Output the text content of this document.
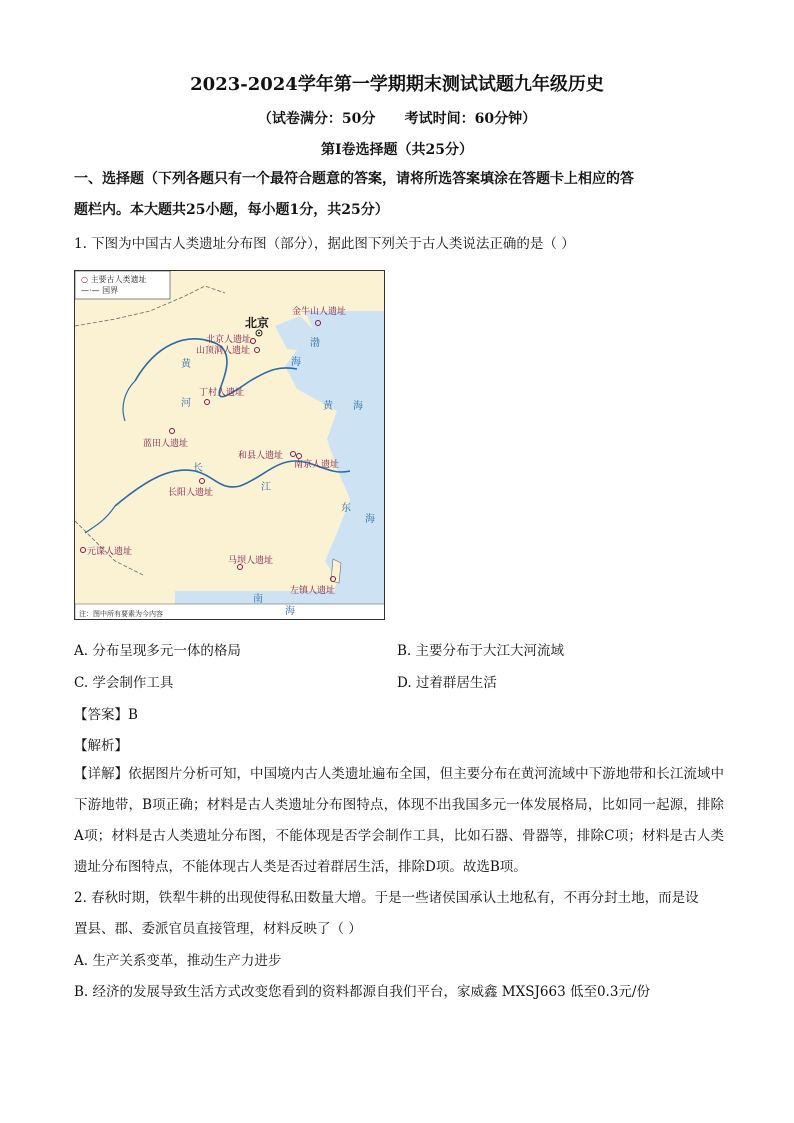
2023-2024学年第一学期期末测试试题九年级历史
（试卷满分：50分      考试时间：60分钟）
第Ⅰ卷选择题（共25分）
一、选择题（下列各题只有一个最符合题意的答案，请将所选答案填涂在答题卡上相应的答
题栏内。本大题共25小题，每小题1分，共25分）
1. 下图为中国古人类遗址分布图（部分），据此图下列关于古人类说法正确的是（ ）
○ 主要古人类遗址
—·— 国界
北京
金牛山人遗址
北京人遗址
山顶洞人遗址
丁村人遗址
蓝田人遗址
和县人遗址
南京人遗址
长阳人遗址
元谋人遗址
马坝人遗址
左镇人遗址
渤
海
黄 海
东
海
南
海
黄
河
长
江
注：图中所有要素为今内容
A. 分布呈现多元一体的格局	B. 主要分布于大江大河流域
C. 学会制作工具	D. 过着群居生活
【答案】B
【解析】
【详解】依据图片分析可知，中国境内古人类遗址遍布全国，但主要分布在黄河流域中下游地带和长江流域中下游地带，B项正确；材料是古人类遗址分布图特点，体现不出我国多元一体发展格局，比如同一起源，排除A项；材料是古人类遗址分布图，不能体现是否学会制作工具，比如石器、骨器等，排除C项；材料是古人类遗址分布图特点，不能体现古人类是否过着群居生活，排除D项。故选B项。
2. 春秋时期，铁犁牛耕的出现使得私田数量大增。于是一些诸侯国承认土地私有，不再分封土地，而是设
置县、郡、委派官员直接管理，材料反映了（ ）
A. 生产关系变革，推动生产力进步
B. 经济的发展导致生活方式改变您看到的资料都源自我们平台，家威鑫 MXSJ663 低至0.3元/份
